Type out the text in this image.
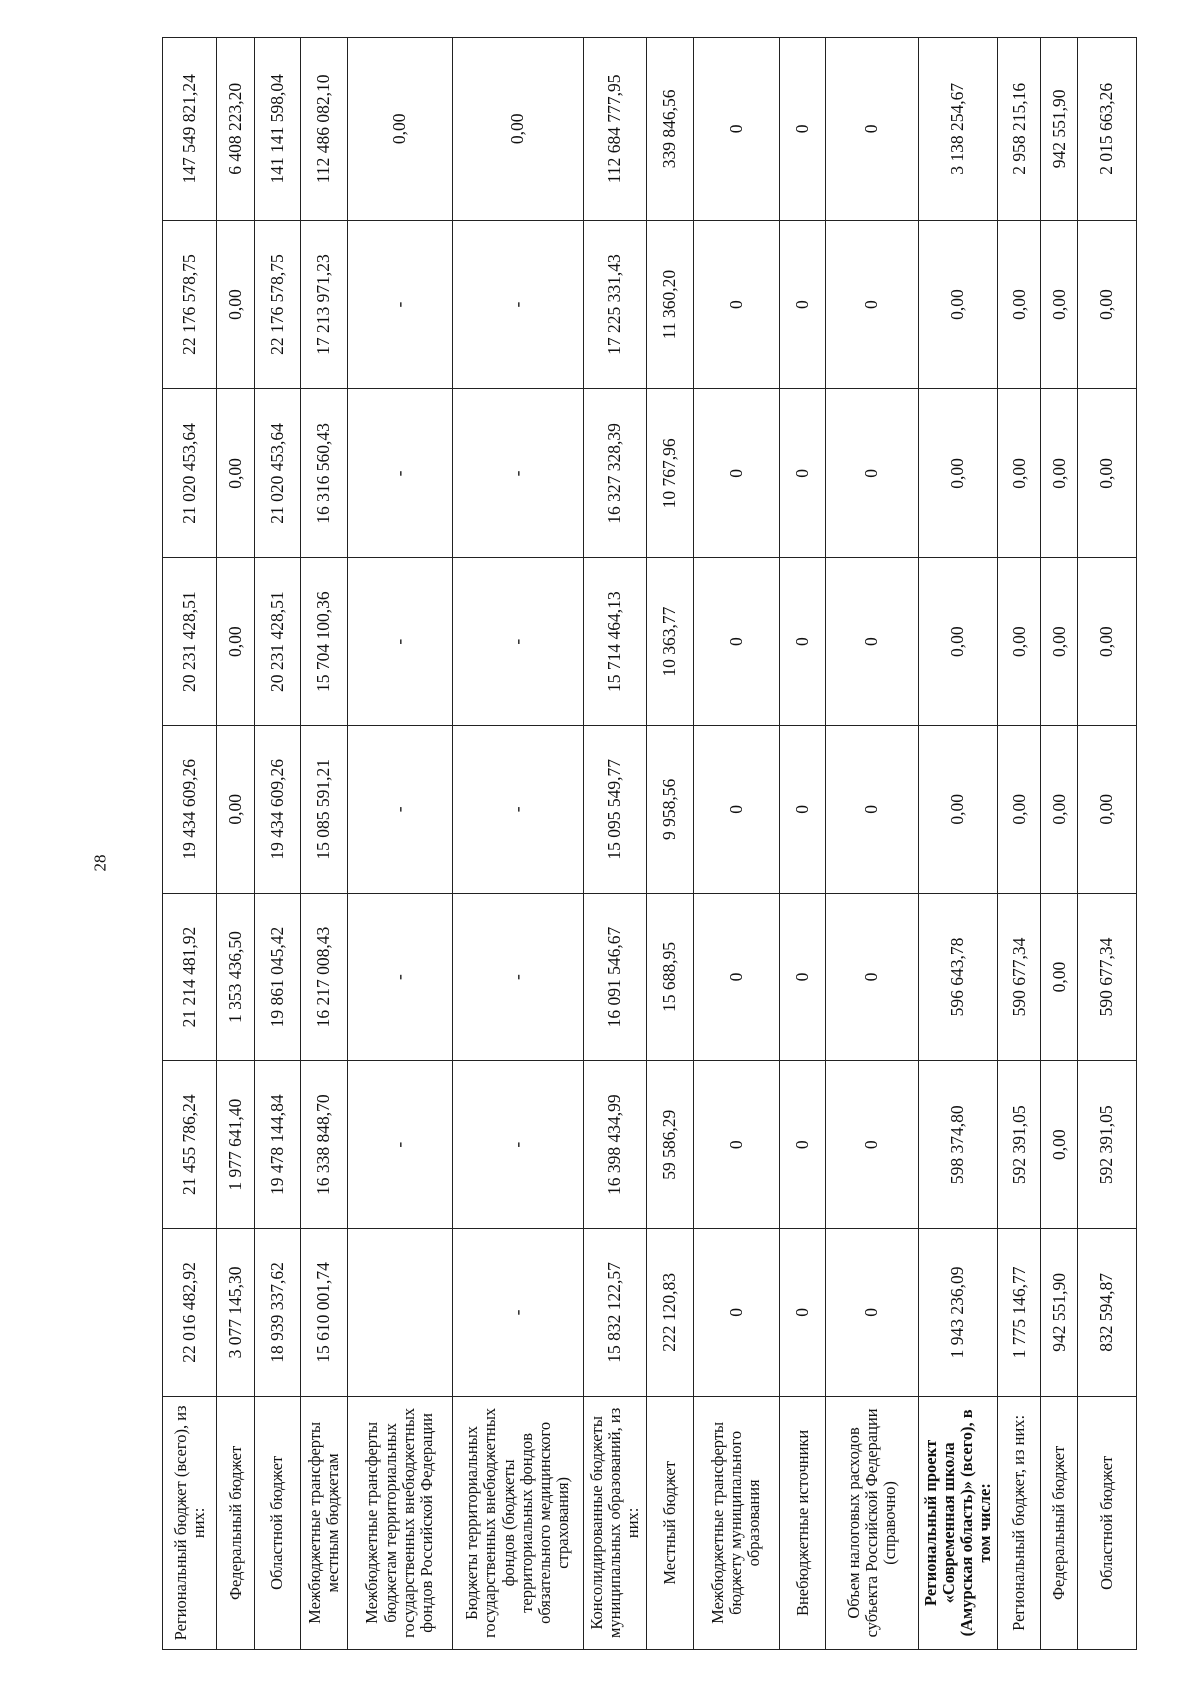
28
Региональный бюджет (всего), из них:	22 016 482,92	21 455 786,24	21 214 481,92	19 434 609,26	20 231 428,51	21 020 453,64	22 176 578,75	147 549 821,24
Федеральный бюджет	3 077 145,30	1 977 641,40	1 353 436,50	0,00	0,00	0,00	0,00	6 408 223,20
Областной бюджет	18 939 337,62	19 478 144,84	19 861 045,42	19 434 609,26	20 231 428,51	21 020 453,64	22 176 578,75	141 141 598,04
Межбюджетные трансферты местным бюджетам	15 610 001,74	16 338 848,70	16 217 008,43	15 085 591,21	15 704 100,36	16 316 560,43	17 213 971,23	112 486 082,10
Межбюджетные трансферты бюджетам территориальных государственных внебюджетных фондов Российской Федерации		-	-	-	-	-	-	0,00
Бюджеты территориальных государственных внебюджетных фондов (бюджеты территориальных фондов обязательного медицинского страхования)	-	-	-	-	-	-	-	0,00
Консолидированные бюджеты муниципальных образований, из них:	15 832 122,57	16 398 434,99	16 091 546,67	15 095 549,77	15 714 464,13	16 327 328,39	17 225 331,43	112 684 777,95
Местный бюджет	222 120,83	59 586,29	15 688,95	9 958,56	10 363,77	10 767,96	11 360,20	339 846,56
Межбюджетные трансферты бюджету муниципального образования	0	0	0	0	0	0	0	0
Внебюджетные источники	0	0	0	0	0	0	0	0
Объем налоговых расходов субъекта Российской Федерации (справочно)	0	0	0	0	0	0	0	0
Региональный проект «Современная школа (Амурская область)» (всего), в том числе:	1 943 236,09	598 374,80	596 643,78	0,00	0,00	0,00	0,00	3 138 254,67
Региональный бюджет, из них:	1 775 146,77	592 391,05	590 677,34	0,00	0,00	0,00	0,00	2 958 215,16
Федеральный бюджет	942 551,90	0,00	0,00	0,00	0,00	0,00	0,00	942 551,90
Областной бюджет	832 594,87	592 391,05	590 677,34	0,00	0,00	0,00	0,00	2 015 663,26
